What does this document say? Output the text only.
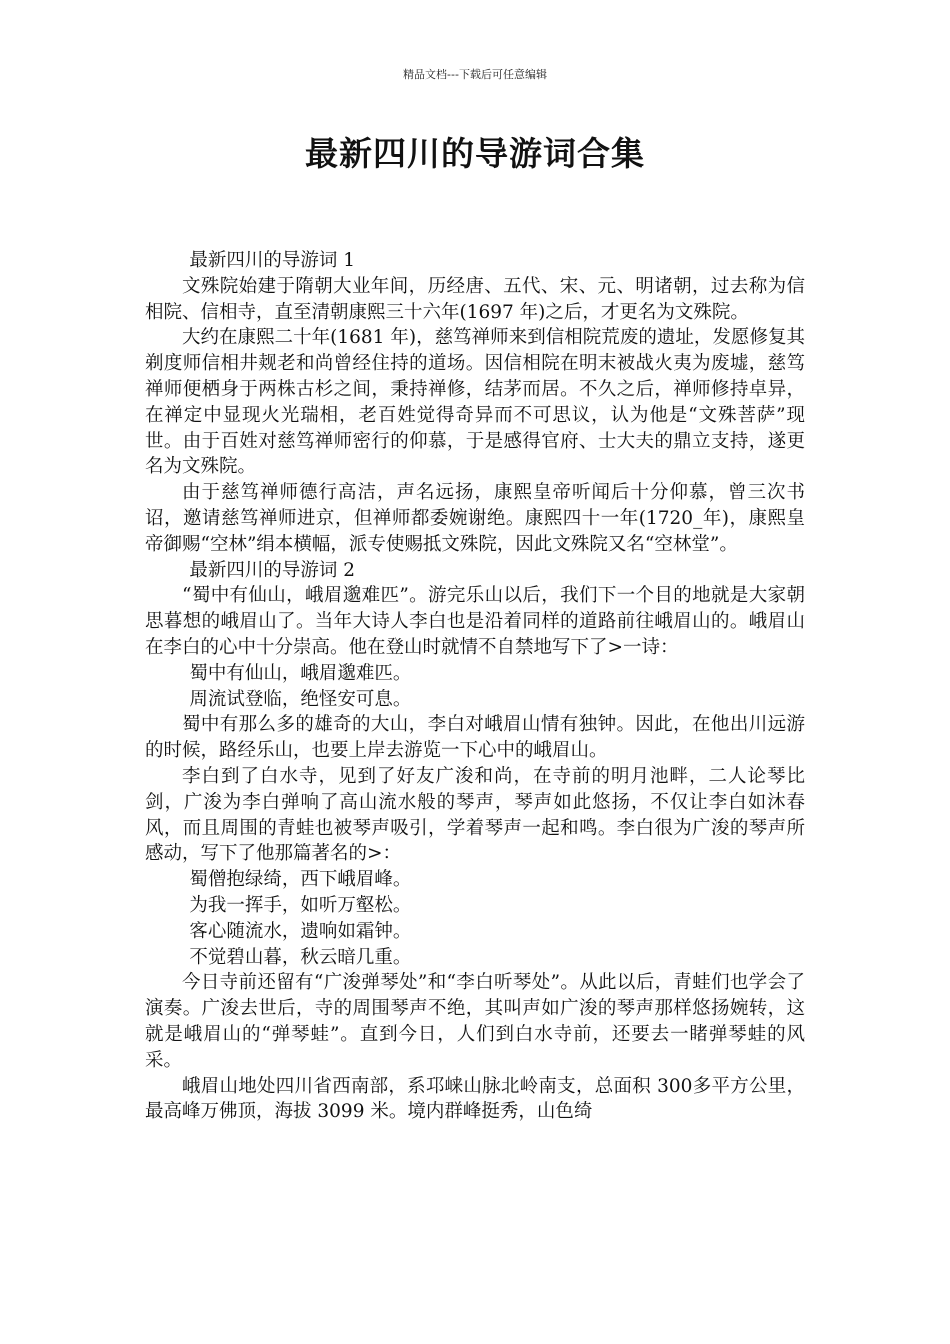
精品文档---下载后可任意编辑
最新四川的导游词合集

最新四川的导游词 1

文殊院始建于隋朝大业年间，历经唐、五代、宋、元、明诸朝，过去称为信相院、信相寺，直至清朝康熙三十六年(1697 年)之后，才更名为文殊院。

大约在康熙二十年(1681 年)，慈笃禅师来到信相院荒废的遗址，发愿修复其剃度师信相井觌老和尚曾经住持的道场。因信相院在明末被战火夷为废墟，慈笃禅师便栖身于两株古杉之间，秉持禅修，结茅而居。不久之后，禅师修持卓异，在禅定中显现火光瑞相，老百姓觉得奇异而不可思议，认为他是“文殊菩萨”现世。由于百姓对慈笃禅师密行的仰慕，于是感得官府、士大夫的鼎立支持，遂更名为文殊院。

由于慈笃禅师德行高洁，声名远扬，康熙皇帝听闻后十分仰慕，曾三次书诏，邀请慈笃禅师进京，但禅师都委婉谢绝。康熙四十一年(1720_年)，康熙皇帝御赐“空林”绢本横幅，派专使赐抵文殊院，因此文殊院又名“空林堂”。

最新四川的导游词 2

“蜀中有仙山，峨眉邈难匹”。游完乐山以后，我们下一个目的地就是大家朝思暮想的峨眉山了。当年大诗人李白也是沿着同样的道路前往峨眉山的。峨眉山在李白的心中十分崇高。他在登山时就情不自禁地写下了>一诗：

蜀中有仙山，峨眉邈难匹。

周流试登临，绝怪安可息。

蜀中有那么多的雄奇的大山，李白对峨眉山情有独钟。因此，在他出川远游的时候，路经乐山，也要上岸去游览一下心中的峨眉山。

李白到了白水寺，见到了好友广浚和尚，在寺前的明月池畔，二人论琴比剑，广浚为李白弹响了高山流水般的琴声，琴声如此悠扬，不仅让李白如沐春风，而且周围的青蛙也被琴声吸引，学着琴声一起和鸣。李白很为广浚的琴声所感动，写下了他那篇著名的>：

蜀僧抱绿绮，西下峨眉峰。

为我一挥手，如听万壑松。

客心随流水，遗响如霜钟。

不觉碧山暮，秋云暗几重。

今日寺前还留有“广浚弹琴处”和“李白听琴处”。从此以后，青蛙们也学会了演奏。广浚去世后，寺的周围琴声不绝，其叫声如广浚的琴声那样悠扬婉转，这就是峨眉山的“弹琴蛙”。直到今日，人们到白水寺前，还要去一睹弹琴蛙的风采。

峨眉山地处四川省西南部，系邛崃山脉北岭南支，总面积 300多平方公里，最高峰万佛顶，海拔 3099 米。境内群峰挺秀，山色绮
